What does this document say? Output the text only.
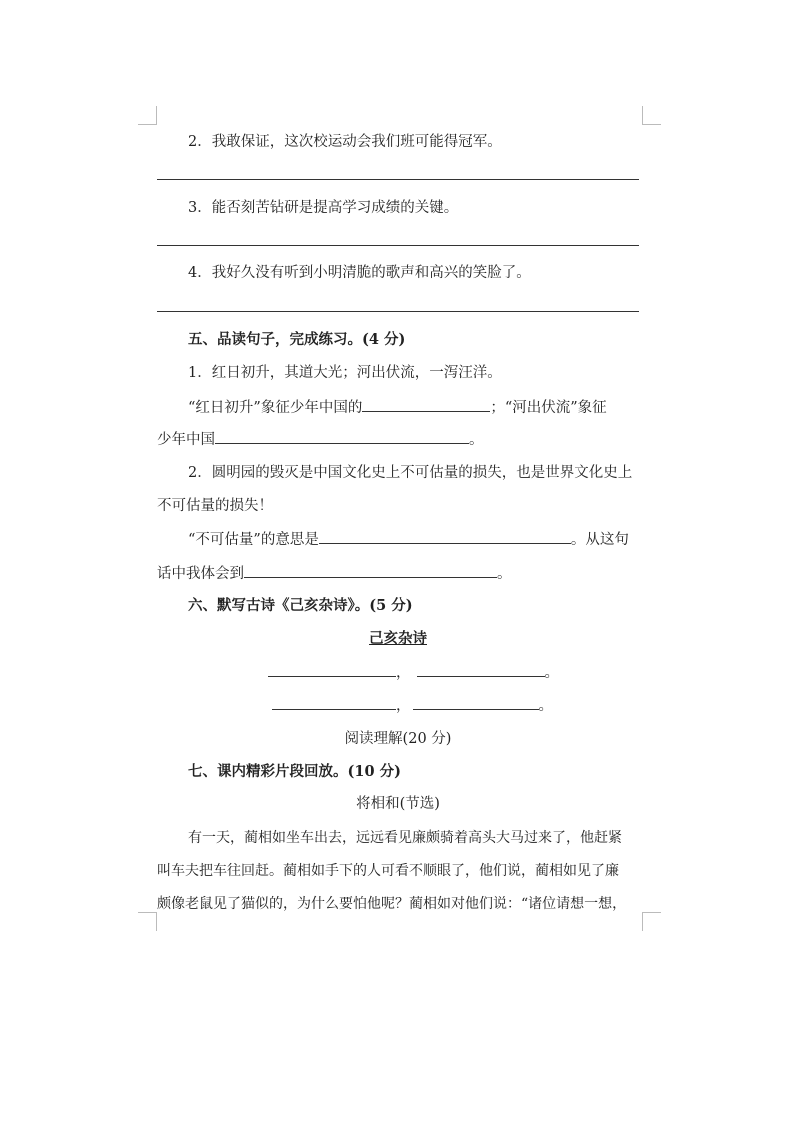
2．我敢保证，这次校运动会我们班可能得冠军。
3．能否刻苦钻研是提高学习成绩的关键。
4．我好久没有听到小明清脆的歌声和高兴的笑脸了。
五、品读句子，完成练习。(4 分)
1．红日初升，其道大光；河出伏流，一泻汪洋。
“红日初升”象征少年中国的	；“河出伏流”象征
少年中国	。
2．圆明园的毁灭是中国文化史上不可估量的损失，也是世界文化史上
不可估量的损失！
“不可估量”的意思是	。从这句
话中我体会到	。
六、默写古诗《己亥杂诗》。(5 分)
己亥杂诗
，	。
，	。
阅读理解(20 分)
七、课内精彩片段回放。(10 分)
将相和(节选)
有一天，蔺相如坐车出去，远远看见廉颇骑着高头大马过来了，他赶紧
叫车夫把车往回赶。蔺相如手下的人可看不顺眼了，他们说，蔺相如见了廉
颇像老鼠见了猫似的，为什么要怕他呢？蔺相如对他们说：“诸位请想一想，
